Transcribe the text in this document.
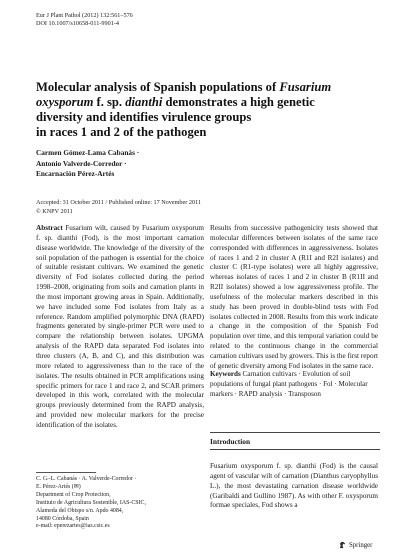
Eur J Plant Pathol (2012) 132:561–576
DOI 10.1007/s10658-011-9901-4
Molecular analysis of Spanish populations of Fusarium
oxysporum f. sp. dianthi demonstrates a high genetic
diversity and identifies virulence groups
in races 1 and 2 of the pathogen
Carmen Gómez-Lama Cabanás ·
Antonio Valverde-Corredor ·
Encarnación Pérez-Artés
Accepted: 31 October 2011 / Published online: 17 November 2011
© KNPV 2011

Abstract Fusarium wilt, caused by Fusarium oxysporum f. sp. dianthi (Fod), is the most important carnation disease worldwide. The knowledge of the diversity of the soil population of the pathogen is essential for the choice of suitable resistant cultivars. We examined the genetic diversity of Fod isolates collected during the period 1998–2008, originating from soils and carnation plants in the most important growing areas in Spain. Additionally, we have included some Fod isolates from Italy as a reference. Random amplified polymorphic DNA (RAPD) fragments generated by single-primer PCR were used to compare the relationship between isolates. UPGMA analysis of the RAPD data separated Fod isolates into three clusters (A, B, and C), and this distribution was more related to aggressiveness than to the race of the isolates. The results obtained in PCR amplifications using specific primers for race 1 and race 2, and SCAR primers developed in this work, correlated with the molecular groups previously determined from the RAPD analysis, and provided new molecular markers for the precise identification of the isolates.

Results from successive pathogenicity tests showed that molecular differences between isolates of the same race corresponded with differences in aggressiveness. Isolates of races 1 and 2 in cluster A (R1I and R2I isolates) and cluster C (R1-type isolates) were all highly aggressive, whereas isolates of races 1 and 2 in cluster B (R1II and R2II isolates) showed a low aggressiveness profile. The usefulness of the molecular markers described in this study has been proved in double-blind tests with Fod isolates collected in 2008. Results from this work indicate a change in the composition of the Spanish Fod population over time, and this temporal variation could be related to the continuous change in the commercial carnation cultivars used by growers. This is the first report of genetic diversity among Fod isolates in the same race.

Keywords Carnation cultivars · Evolution of soil populations of fungal plant pathogens · Fol · Molecular markers · RAPD analysis · Transposon
Introduction
Fusarium oxysporum f. sp. dianthi (Fod) is the causal agent of vascular wilt of carnation (Dianthus caryophyllus L.), the most devastating carnation disease worldwide (Garibaldi and Gullino 1987). As with other F. oxysporum formae speciales, Fod shows a
C. G.-L. Cabanás · A. Valverde-Corredor ·
E. Pérez-Artés (✉)
Department of Crop Protection,
Instituto de Agricultura Sostenible, IAS-CSIC,
Alameda del Obispo s/n. Apdo 4084,
14080 Córdoba, Spain
e-mail: eperezartes@ias.csic.es
Springer
